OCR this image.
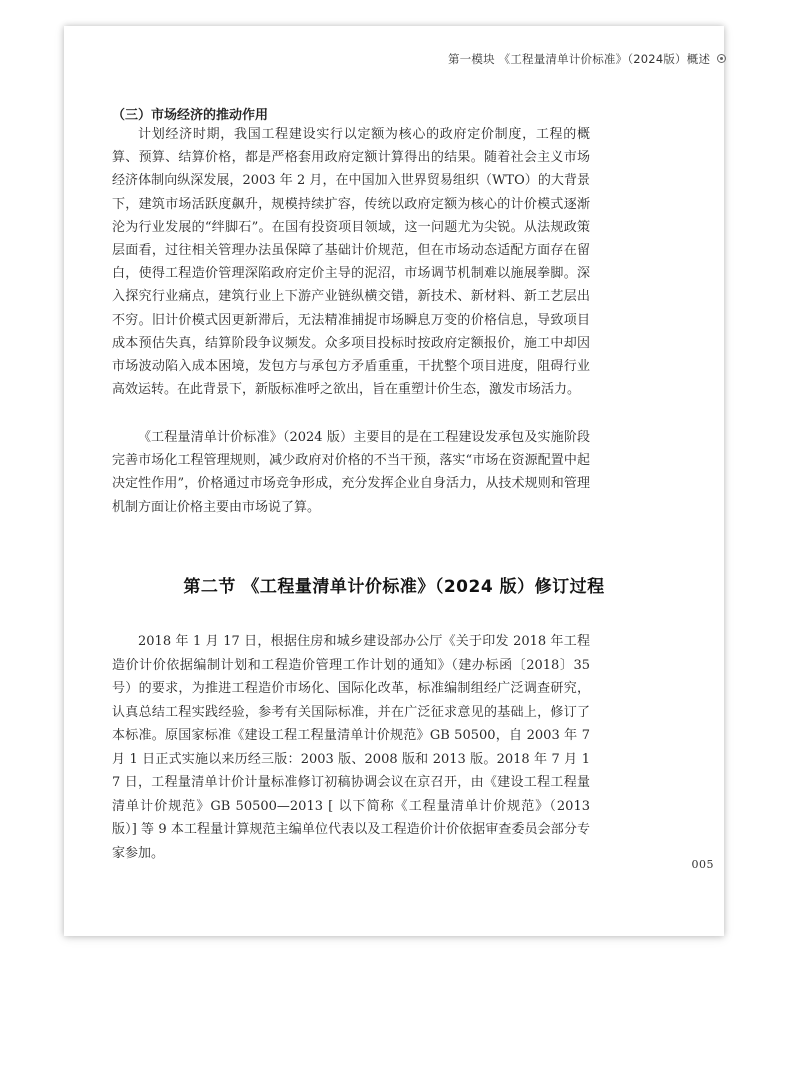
第一模块 《工程量清单计价标准》（2024版）概述
（三）市场经济的推动作用

计划经济时期，我国工程建设实行以定额为核心的政府定价制度，工程的概算、预算、结算价格，都是严格套用政府定额计算得出的结果。随着社会主义市场经济体制向纵深发展，2003 年 2 月，在中国加入世界贸易组织（WTO）的大背景下，建筑市场活跃度飙升，规模持续扩容，传统以政府定额为核心的计价模式逐渐沦为行业发展的“绊脚石”。在国有投资项目领域，这一问题尤为尖锐。从法规政策层面看，过往相关管理办法虽保障了基础计价规范，但在市场动态适配方面存在留白，使得工程造价管理深陷政府定价主导的泥沼，市场调节机制难以施展拳脚。深入探究行业痛点，建筑行业上下游产业链纵横交错，新技术、新材料、新工艺层出不穷。旧计价模式因更新滞后，无法精准捕捉市场瞬息万变的价格信息，导致项目成本预估失真，结算阶段争议频发。众多项目投标时按政府定额报价，施工中却因市场波动陷入成本困境，发包方与承包方矛盾重重，干扰整个项目进度，阻碍行业高效运转。在此背景下，新版标准呼之欲出，旨在重塑计价生态，激发市场活力。

《工程量清单计价标准》（2024 版）主要目的是在工程建设发承包及实施阶段完善市场化工程管理规则，减少政府对价格的不当干预，落实“市场在资源配置中起决定性作用”，价格通过市场竞争形成，充分发挥企业自身活力，从技术规则和管理机制方面让价格主要由市场说了算。

第二节 《工程量清单计价标准》（2024 版）修订过程

2018 年 1 月 17 日，根据住房和城乡建设部办公厅《关于印发 2018 年工程造价计价依据编制计划和工程造价管理工作计划的通知》（建办标函〔2018〕35 号）的要求，为推进工程造价市场化、国际化改革，标准编制组经广泛调查研究，认真总结工程实践经验，参考有关国际标准，并在广泛征求意见的基础上，修订了本标准。原国家标准《建设工程工程量清单计价规范》GB 50500，自 2003 年 7 月 1 日正式实施以来历经三版：2003 版、2008 版和 2013 版。2018 年 7 月 17 日，工程量清单计价计量标准修订初稿协调会议在京召开，由《建设工程工程量清单计价规范》GB 50500—2013 [ 以下简称《工程量清单计价规范》（2013 版）] 等 9 本工程量计算规范主编单位代表以及工程造价计价依据审查委员会部分专家参加。

005
